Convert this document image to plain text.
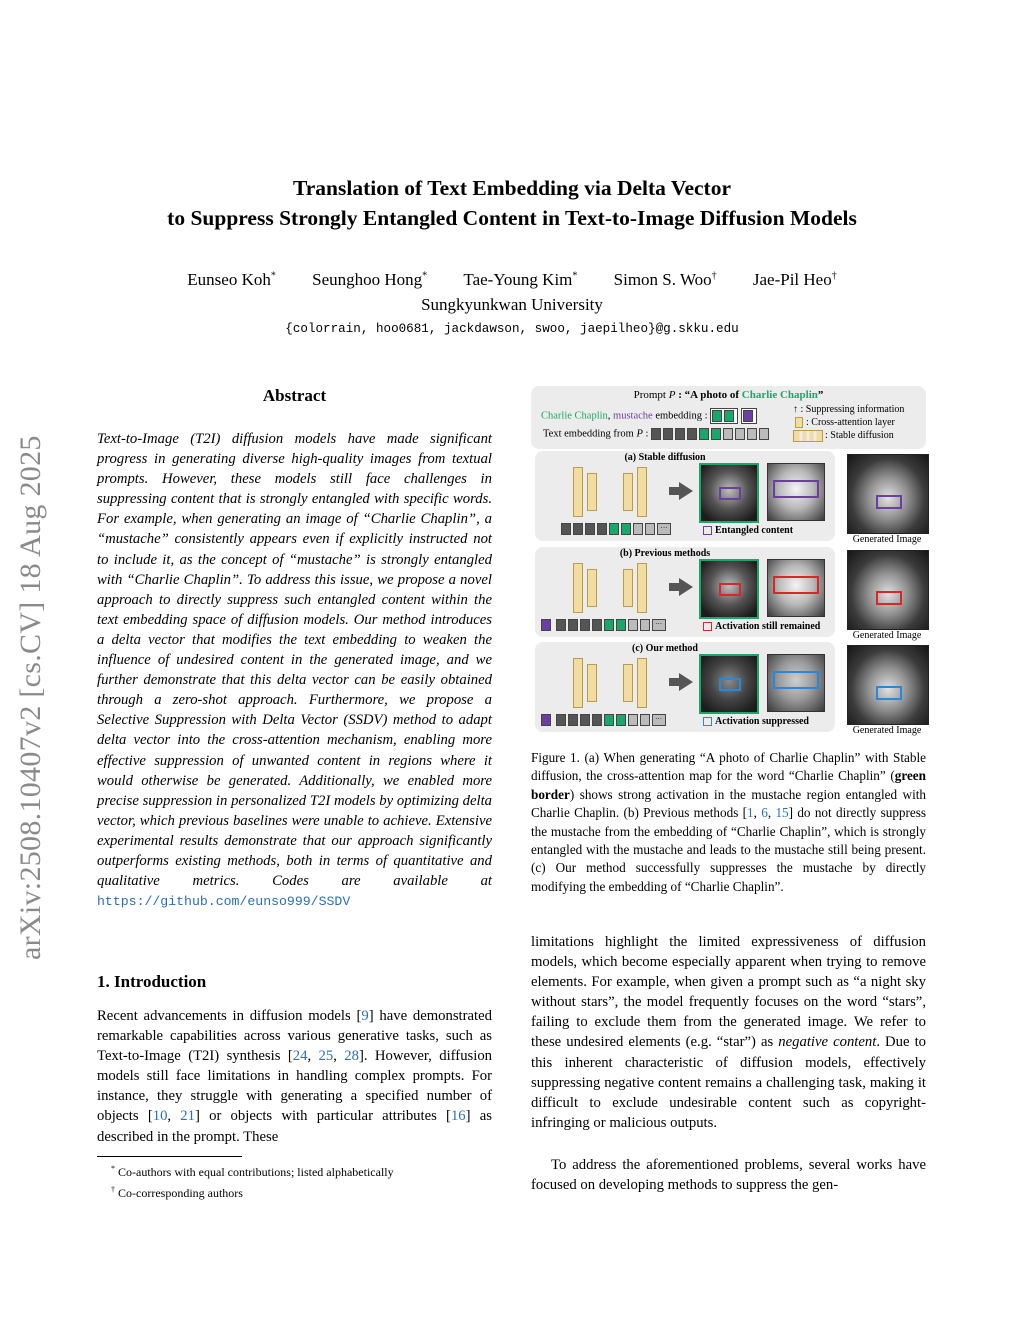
arXiv:2508.10407v2 [cs.CV] 18 Aug 2025
Translation of Text Embedding via Delta Vector
to Suppress Strongly Entangled Content in Text-to-Image Diffusion Models
Eunseo Koh* Seunghoo Hong* Tae-Young Kim* Simon S. Woo† Jae-Pil Heo†
Sungkyunkwan University
{colorrain, hoo0681, jackdawson, swoo, jaepilheo}@g.skku.edu
Abstract
Text-to-Image (T2I) diffusion models have made significant progress in generating diverse high-quality images from textual prompts. However, these models still face challenges in suppressing content that is strongly entangled with specific words. For example, when generating an image of “Charlie Chaplin”, a “mustache” consistently appears even if explicitly instructed not to include it, as the concept of “mustache” is strongly entangled with “Charlie Chaplin”. To address this issue, we propose a novel approach to directly suppress such entangled content within the text embedding space of diffusion models. Our method introduces a delta vector that modifies the text embedding to weaken the influence of undesired content in the generated image, and we further demonstrate that this delta vector can be easily obtained through a zero-shot approach. Furthermore, we propose a Selective Suppression with Delta Vector (SSDV) method to adapt delta vector into the cross-attention mechanism, enabling more effective suppression of unwanted content in regions where it would otherwise be generated. Additionally, we enabled more precise suppression in personalized T2I models by optimizing delta vector, which previous baselines were unable to achieve. Extensive experimental results demonstrate that our approach significantly outperforms existing methods, both in terms of quantitative and qualitative metrics. Codes are available at https://github.com/eunso999/SSDV
1. Introduction
Recent advancements in diffusion models [9] have demonstrated remarkable capabilities across various generative tasks, such as Text-to-Image (T2I) synthesis [24, 25, 28]. However, diffusion models still face limitations in handling complex prompts. For instance, they struggle with generating a specified number of objects [10, 21] or objects with particular attributes [16] as described in the prompt. These
* Co-authors with equal contributions; listed alphabetically
† Co-corresponding authors
Prompt P : “A photo of Charlie Chaplin”
Charlie Chaplin, mustache embedding :
Text embedding from P :
↑ : Suppressing information
: Cross-attention layer
: Stable diffusion
(a) Stable diffusion
···	Entangled content
Generated Image
(b) Previous methods
···	Activation still remained
Generated Image
(c) Our method
···	Activation suppressed
Generated Image
Figure 1. (a) When generating “A photo of Charlie Chaplin” with Stable diffusion, the cross-attention map for the word “Charlie Chaplin” (green border) shows strong activation in the mustache region entangled with Charlie Chaplin. (b) Previous methods [1, 6, 15] do not directly suppress the mustache from the embedding of “Charlie Chaplin”, which is strongly entangled with the mustache and leads to the mustache still being present. (c) Our method successfully suppresses the mustache by directly modifying the embedding of “Charlie Chaplin”.
limitations highlight the limited expressiveness of diffusion models, which become especially apparent when trying to remove elements. For example, when given a prompt such as “a night sky without stars”, the model frequently focuses on the word “stars”, failing to exclude them from the generated image. We refer to these undesired elements (e.g. “star”) as negative content. Due to this inherent characteristic of diffusion models, effectively suppressing negative content remains a challenging task, making it difficult to exclude undesirable content such as copyright-infringing or malicious outputs.
To address the aforementioned problems, several works have focused on developing methods to suppress the gen-
